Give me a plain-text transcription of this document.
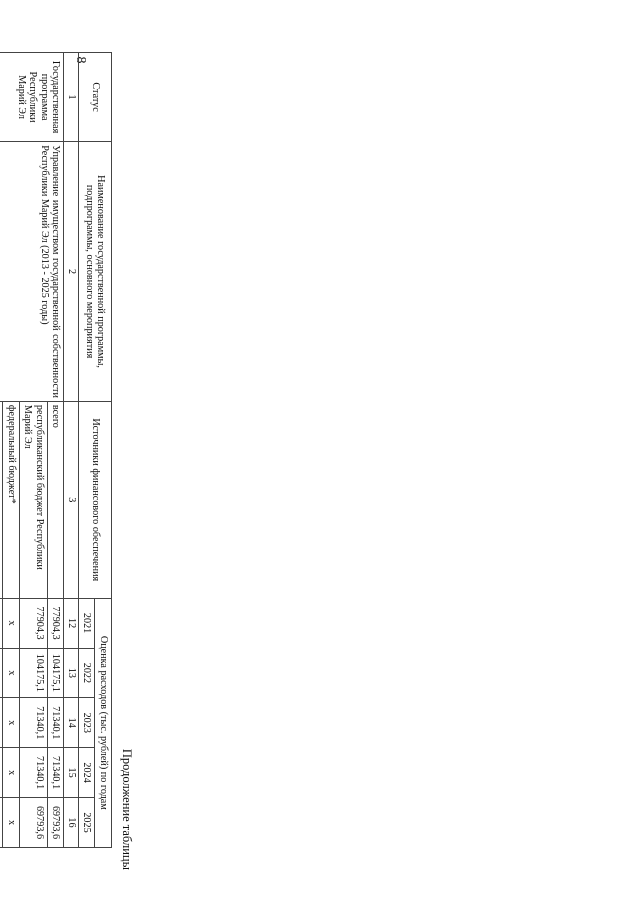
8
Продолжение таблицы
Статус	Наименование государственной программы, подпрограммы, основного мероприятия	Источники финансового обеспечения	Оценка расходов (тыс. рублей) по годам				
			2021	2022	2023	2024	2025
1	2	3	12	13	14	15	16
Государственная программа Республики Марий Эл	Управление имуществом государственной собственности Республики Марий Эл (2013 - 2025 годы)	всего	77904,3	104175,1	71340,1	71340,1	69793,6
		республиканский бюджет Республики Марий Эл	77904,3	104175,1	71340,1	71340,1	69793,6
		федеральный бюджет*	х	х	х	х	х
